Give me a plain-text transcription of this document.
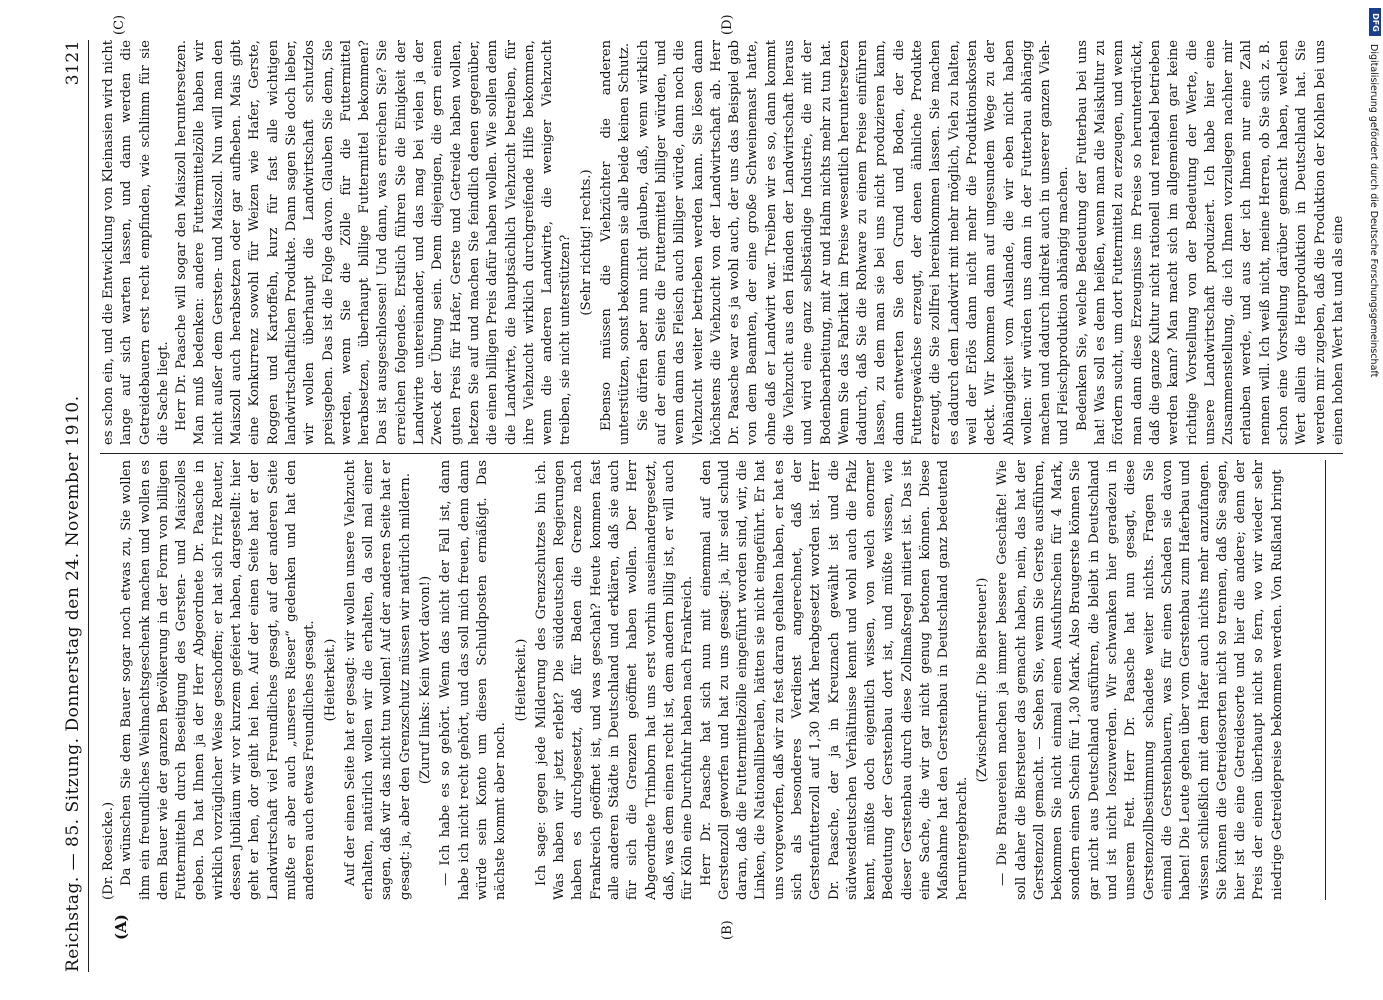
Reichstag. — 85. Sitzung. Donnerstag den 24. November 1910.
3121
(A)	(B)
(C)	(D)

(Dr. Roesicke.) Da wünschen Sie dem Bauer sogar noch etwas zu, Sie wollen ihm ein freundliches Weihnachtsgeschenk machen und wollen es dem Bauer wie der ganzen Bevölkerung in der Form von billigen Futtermitteln durch Beseitigung des Gersten- und Maiszolles geben. Da hat Ihnen ja der Herr Abgeordnete Dr. Paasche in wirklich vorzüglicher Weise geschoffen; er hat sich Fritz Reuter, dessen Jubiläum wir vor kurzem gefeiert haben, dargestellt: hier geht er hen, dor geiht hei hen. Auf der einen Seite hat er der Landwirtschaft viel Freundliches gesagt, auf der anderen Seite mußte er aber auch „unseres Rieser“ gedenken und hat den anderen auch etwas Freundliches gesagt. (Heiterkeit.) Auf der einen Seite hat er gesagt: wir wollen unsere Viehzucht erhalten, natürlich wollen wir die erhalten, da soll mal einer sagen, daß wir das nicht tun wollen! Auf der anderen Seite hat er gesagt: ja, aber den Grenzschutz müssen wir natürlich mildern. (Zuruf links: Kein Wort davon!) — Ich habe es so gehört. Wenn das nicht der Fall ist, dann habe ich nicht recht gehört, und das soll mich freuen, denn dann würde sein Konto um diesen Schuldposten ermäßigt. Das nächste kommt aber noch.

(Heiterkeit.) Ich sage: gegen jede Milderung des Grenzschutzes bin ich. Was haben wir jetzt erlebt? Die süddeutschen Regierungen haben es durchgesetzt, daß für Baden die Grenze nach Frankreich geöffnet ist, und was geschah? Heute kommen fast alle anderen Städte in Deutschland und erklären, daß sie auch für sich die Grenzen geöffnet haben wollen. Der Herr Abgeordnete Trimborn hat uns erst vorhin auseinandergesetzt, daß, was dem einen recht ist, dem andern billig ist, er will auch für Köln eine Durchfuhr haben nach Frankreich. Herr Dr. Paasche hat sich nun mit einemmal auf den Gerstenzoll geworfen und hat zu uns gesagt: ja, ihr seid schuld daran, daß die Futtermittelzölle eingeführt worden sind, wir, die Linken, die Nationalliberalen, hätten sie nicht eingeführt. Er hat uns vorgeworfen, daß wir zu fest daran gehalten haben, er hat es sich als besonderes Verdienst angerechnet, daß der Gerstenfutterzoll auf 1,30 Mark herabgesetzt worden ist. Herr Dr. Paasche, der ja in Kreuznach gewählt ist und die südwestdeutschen Verhältnisse kennt und wohl auch die Pfalz kennt, müßte doch eigentlich wissen, von welch enormer Bedeutung der Gerstenbau dort ist, und müßte wissen, wie dieser Gerstenbau durch diese Zollmaßregel mitiert ist. Das ist eine Sache, die wir gar nicht genug betonen können. Diese Maßnahme hat den Gerstenbau in Deutschland ganz bedeutend heruntergebracht.

(Zwischenruf: Die Biersteuer!) — Die Brauereien machen ja immer bessere Geschäfte! Wie soll daher die Biersteuer das gemacht haben, nein, das hat der Gerstenzoll gemacht. — Sehen Sie, wenn Sie Gerste ausführen, bekommen Sie nicht einmal einen Ausfuhrschein für 4 Mark, sondern einen Schein für 1,30 Mark. Also Braugerste können Sie gar nicht aus Deutschland ausführen, die bleibt in Deutschland und ist nicht loszuwerden. Wir schwanken hier geradezu in unserem Fett. Herr Dr. Paasche hat nun gesagt, diese Gerstenzollbestimmung schadete weiter nichts. Fragen Sie einmal die Gerstenbauern, was für einen Schaden sie davon haben! Die Leute gehen über vom Gerstenbau zum Haferbau und wissen schließlich mit dem Hafer auch nichts mehr anzufangen. Sie können die Getreidesorten nicht so trennen, daß Sie sagen, hier ist die eine Getreidesorte und hier die andere; denn der Preis der einen überhaupt nicht so fern, wo wir wieder sehr niedrige Getreidepreise bekommen werden. Von Rußland bringt

es schon ein, und die Entwicklung von Kleinasien wird nicht lange auf sich warten lassen, und dann werden die Getreidebauern erst recht empfinden, wie schlimm für sie die Sache liegt. Herr Dr. Paasche will sogar den Maiszoll heruntersetzen. Man muß bedenken: andere Futtermittelzölle haben wir nicht außer dem Gersten- und Maiszoll. Nun will man den Maiszoll auch herabsetzen oder gar aufheben. Mais gibt eine Konkurrenz sowohl für Weizen wie Hafer, Gerste, Roggen und Kartoffeln, kurz für fast alle wichtigen landwirtschaftlichen Produkte. Dann sagen Sie doch lieber, wir wollen überhaupt die Landwirtschaft schutzlos preisgeben. Das ist die Folge davon. Glauben Sie denn, Sie werden, wenn Sie die Zölle für die Futtermittel herabsetzen, überhaupt billige Futtermittel bekommen? Das ist ausgeschlossen! Und dann, was erreichen Sie? Sie erreichen folgendes. Erstlich führen Sie die Einigkeit der Landwirte untereinander, und das mag bei vielen ja der Zweck der Übung sein. Denn diejenigen, die gern einen guten Preis für Hafer, Gerste und Getreide haben wollen, hetzen Sie auf und machen Sie feindlich denen gegenüber, die einen billigen Preis dafür haben wollen. Wie sollen denn die Landwirte, die hauptsächlich Viehzucht betreiben, für ihre Viehzucht wirklich durchgreifende Hilfe bekommen, wenn die anderen Landwirte, die weniger Viehzucht treiben, sie nicht unterstützen? (Sehr richtig! rechts.) Ebenso müssen die Viehzüchter die anderen unterstützen, sonst bekommen sie alle beide keinen Schutz. Sie dürfen aber nun nicht glauben, daß, wenn wirklich auf der einen Seite die Futtermittel billiger würden, und wenn dann das Fleisch auch billiger würde, dann noch die Viehzucht weiter betrieben werden kann. Sie lösen dann höchstens die Viehzucht von der Landwirtschaft ab. Herr Dr. Paasche war es ja wohl auch, der uns das Beispiel gab von dem Beamten, der eine große Schweinemast hatte, ohne daß er Landwirt war. Treiben wir es so, dann kommt die Viehzucht aus den Händen der Landwirtschaft heraus und wird eine ganz selbständige Industrie, die mit der Bodenbearbeitung, mit Ar und Halm nichts mehr zu tun hat. Wenn Sie das Fabrikat im Preise wesentlich heruntersetzen dadurch, daß Sie die Rohware zu einem Preise einführen lassen, zu dem man sie bei uns nicht produzieren kann, dann entwerten Sie den Grund und Boden, der die Futtergewächse erzeugt, der denen ähnliche Produkte erzeugt, die Sie zollfrei hereinkommen lassen. Sie machen es dadurch dem Landwirt mit mehr möglich, Vieh zu halten, weil der Erlös dann nicht mehr die Produktionskosten deckt. Wir kommen dann auf ungesundem Wege zu der Abhängigkeit vom Auslande, die wir eben nicht haben wollen: wir würden uns dann in der Futterbau abhängig machen und dadurch indirekt auch in unserer ganzen Vieh- und Fleischproduktion abhängig machen. Bedenken Sie, welche Bedeutung der Futterbau bei uns hat! Was soll es denn heißen, wenn man die Maiskultur zu fördern sucht, um dort Futtermittel zu erzeugen, und wenn man dann diese Erzeugnisse im Preise so herunterdrückt, daß die ganze Kultur nicht rationell und rentabel betrieben werden kann? Man macht sich im allgemeinen gar keine richtige Vorstellung von der Bedeutung der Werte, die unsere Landwirtschaft produziert. Ich habe hier eine Zusammenstellung, die ich Ihnen vorzulegen nachher mir erlauben werde, und aus der ich Ihnen nur eine Zahl nennen will. Ich weiß nicht, meine Herren, ob Sie sich z. B. schon eine Vorstellung darüber gemacht haben, welchen Wert allein die Heuproduktion in Deutschland hat. Sie werden mir zugeben, daß die Produktion der Kohlen bei uns einen hohen Wert hat und als eine

DFG
Digitalisierung gefördert durch die Deutsche Forschungsgemeinschaft
